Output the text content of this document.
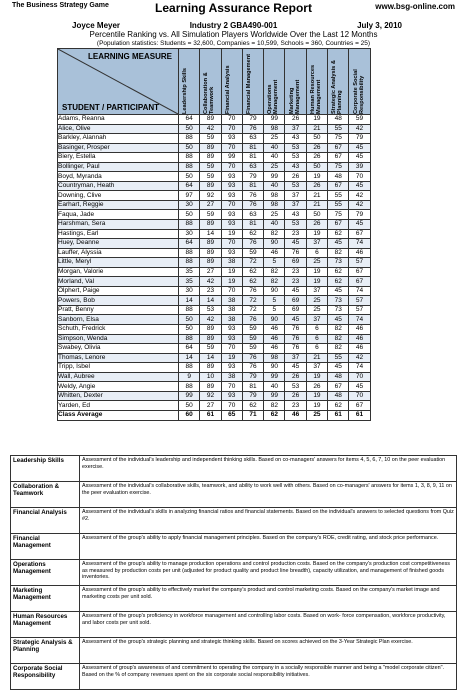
The Business Strategy Game	Learning Assurance Report	www.bsg-online.com
Joyce Meyer	Industry 2 GBA490-001	July 3, 2010
Percentile Ranking vs. All Simulation Players Worldwide Over the Last 12 Months
(Population statistics: Students = 32,600, Companies = 10,599, Schools = 360, Countries = 25)
LEARNING MEASURE
STUDENT / PARTICIPANT	Leadership Skills	Collaboration & Teamwork	Financial Analysis	Financial Management	Operations Management	Marketing Management	Human Resources Management	Strategic Analysis & Planning	Corporate Social Responsibility

Adams, Reanna	64	89	70	79	99	26	19	48	59
Alice, Olive	50	42	70	76	98	37	21	55	42
Barkley, Alannah	88	59	93	63	25	43	50	75	79
Basinger, Prosper	50	89	70	81	40	53	26	67	45
Biery, Estella	88	89	99	81	40	53	26	67	45
Bollinger, Paul	88	59	70	63	25	43	50	75	39
Boyd, Myranda	50	59	93	79	99	26	19	48	70
Countryman, Heath	64	89	93	81	40	53	26	67	45
Downing, Clive	97	92	93	76	98	37	21	55	42
Earhart, Reggie	30	27	70	76	98	37	21	55	42
Faqua, Jade	50	59	93	63	25	43	50	75	79
Harshman, Sera	88	89	93	81	40	53	26	67	45
Hastings, Earl	30	14	19	62	82	23	19	62	67
Huey, Deanne	64	89	70	76	90	45	37	45	74
Lauffer, Alyssia	88	89	93	59	46	76	6	82	46
Little, Meryl	88	89	38	72	5	69	25	73	57
Morgan, Valorie	35	27	19	62	82	23	19	62	67
Morland, Val	35	42	19	62	82	23	19	62	67
Olphert, Paige	30	23	70	76	90	45	37	45	74
Powers, Bob	14	14	38	72	5	69	25	73	57
Pratt, Benny	88	53	38	72	5	69	25	73	57
Sanborn, Elsa	50	42	38	76	90	45	37	45	74
Schuth, Fredrick	50	89	93	59	46	76	6	82	46
Simpson, Wenda	88	89	93	59	46	76	6	82	46
Swabey, Olivia	64	59	70	59	46	76	6	82	46
Thomas, Lenore	14	14	19	76	98	37	21	55	42
Tripp, Isbel	88	89	93	76	90	45	37	45	74
Wall, Aubree	9	10	38	79	99	26	19	48	70
Weldy, Angie	88	89	70	81	40	53	26	67	45
Whitten, Dexter	99	92	93	79	99	26	19	48	70
Yarden, Ed	50	27	70	62	82	23	19	62	67
Class Average	60	61	65	71	62	46	25	61	61
Leadership Skills	Assessment of the individual's leadership and independent thinking skills. Based on co-managers' answers for items 4, 5, 6, 7, 10 on the peer evaluation exercise.
Collaboration & Teamwork	Assessment of the individual's collaborative skills, teamwork, and ability to work well with others. Based on co-managers' answers for items 1, 3, 8, 9, 11 on the peer evaluation exercise.
Financial Analysis	Assessment of the individual's skills in analyzing financial ratios and financial statements. Based on the individual's answers to selected questions from Quiz #2.
Financial Management	Assessment of the group's ability to apply financial management principles. Based on the company's ROE, credit rating, and stock price performance.
Operations Management	Assessment of the group's ability to manage production operations and control production costs. Based on the company's production cost competitiveness as measured by production costs per unit (adjusted for product quality and product line breadth), capacity utilization, and management of finished goods inventories.
Marketing Management	Assessment of the group's ability to effectively market the company's product and control marketing costs. Based on the company's market image and marketing costs per unit sold.
Human Resources Management	Assessment of the group's proficiency in workforce management and controlling labor costs. Based on work- force compensation, workforce productivity, and labor costs per unit sold.
Strategic Analysis & Planning	Assessment of the group's strategic planning and strategic thinking skills. Based on scores achieved on the 3-Year Strategic Plan exercise.
Corporate Social Responsibility	Assessment of group's awareness of and commitment to operating the company in a socially responsible manner and being a "model corporate citizen". Based on the % of company revenues spent on the six corporate social responsibility initiatives.
